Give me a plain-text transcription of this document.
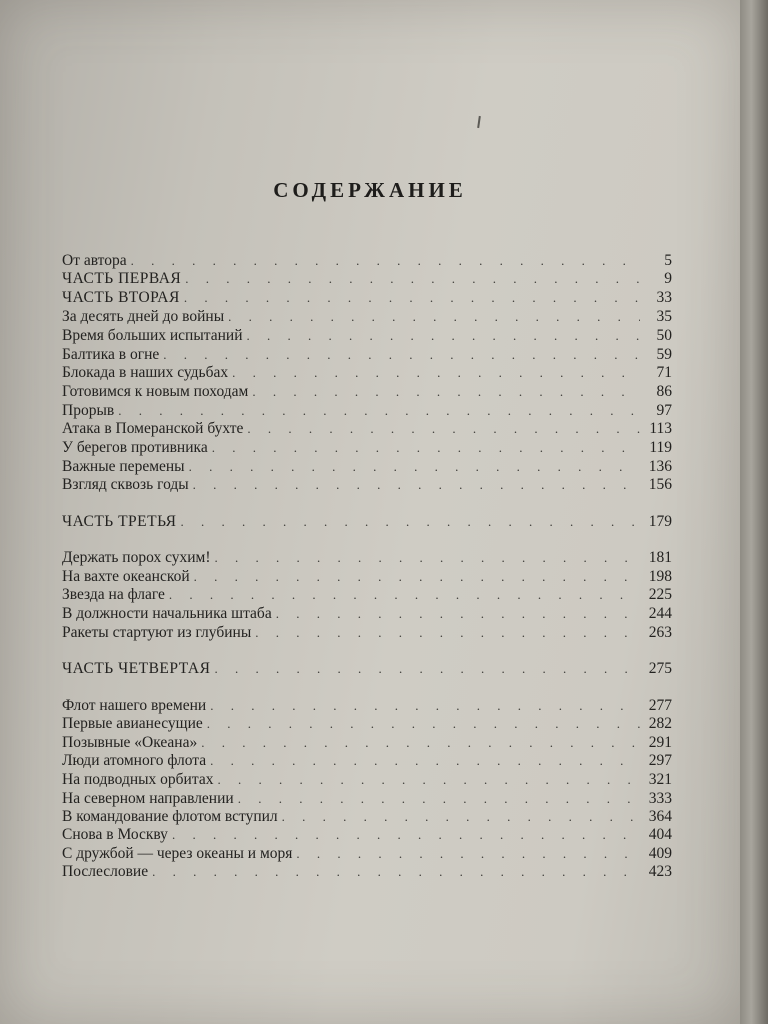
СОДЕРЖАНИЕ
От автора . . .	5
ЧАСТЬ ПЕРВАЯ . . .	9
ЧАСТЬ ВТОРАЯ . . .	33
За десять дней до войны . . .	35
Время больших испытаний . . .	50
Балтика в огне . . .	59
Блокада в наших судьбах . . .	71
Готовимся к новым походам . . .	86
Прорыв . . .	97
Атака в Померанской бухте . . .	113
У берегов противника . . .	119
Важные перемены . . .	136
Взгляд сквозь годы . . .	156
ЧАСТЬ ТРЕТЬЯ . . .	179
Держать порох сухим! . . .	181
На вахте океанской . . .	198
Звезда на флаге . . .	225
В должности начальника штаба . . .	244
Ракеты стартуют из глубины . . .	263
ЧАСТЬ ЧЕТВЕРТАЯ . . .	275
Флот нашего времени . . .	277
Первые авианесущие . . .	282
Позывные «Океана» . . .	291
Люди атомного флота . . .	297
На подводных орбитах . . .	321
На северном направлении . . .	333
В командование флотом вступил . . .	364
Снова в Москву . . .	404
С дружбой — через океаны и моря . . .	409
Послесловие . . .	423
